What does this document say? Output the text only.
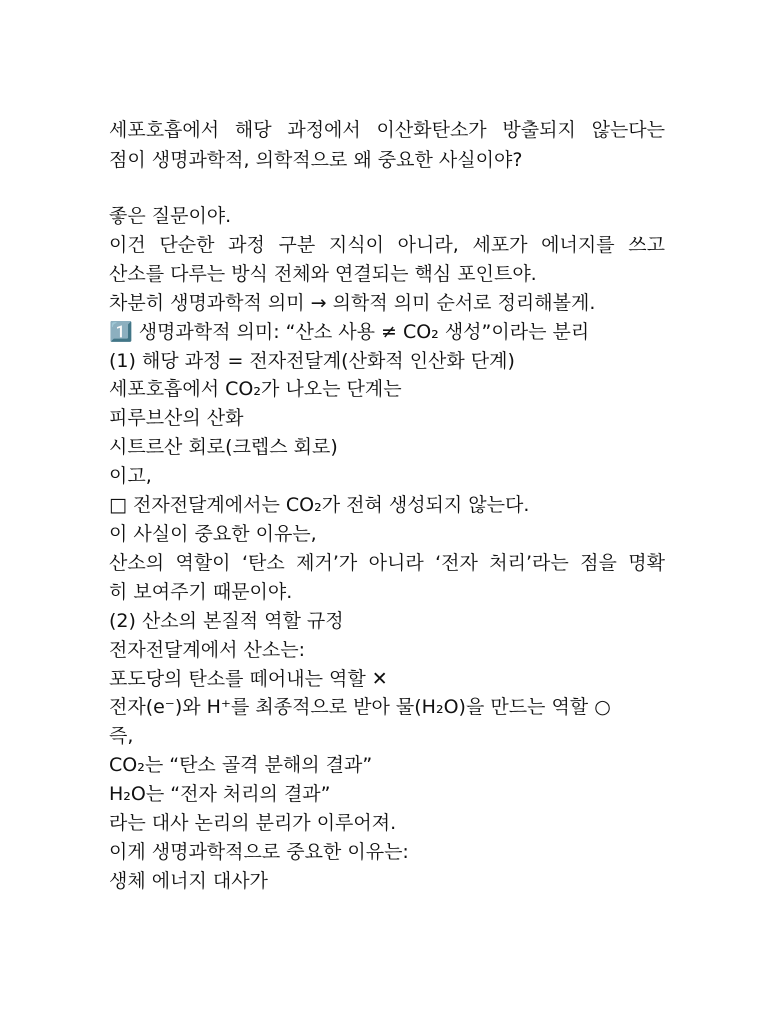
세포호흡에서 해당 과정에서 이산화탄소가 방출되지 않는다는
점이 생명과학적, 의학적으로 왜 중요한 사실이야?
좋은 질문이야.
이건 단순한 과정 구분 지식이 아니라, 세포가 에너지를 쓰고
산소를 다루는 방식 전체와 연결되는 핵심 포인트야.
차분히 생명과학적 의미 → 의학적 의미 순서로 정리해볼게.
1️⃣ 생명과학적 의미: “산소 사용 ≠ CO₂ 생성”이라는 분리
(1) 해당 과정 = 전자전달계(산화적 인산화 단계)
세포호흡에서 CO₂가 나오는 단계는
피루브산의 산화
시트르산 회로(크렙스 회로)
이고,
□ 전자전달계에서는 CO₂가 전혀 생성되지 않는다.
이 사실이 중요한 이유는,
산소의 역할이 ‘탄소 제거’가 아니라 ‘전자 처리’라는 점을 명확
히 보여주기 때문이야.
(2) 산소의 본질적 역할 규정
전자전달계에서 산소는:
포도당의 탄소를 떼어내는 역할 ✕
전자(e⁻)와 H⁺를 최종적으로 받아 물(H₂O)을 만드는 역할 ○
즉,
CO₂는 “탄소 골격 분해의 결과”
H₂O는 “전자 처리의 결과”
라는 대사 논리의 분리가 이루어져.
이게 생명과학적으로 중요한 이유는:
생체 에너지 대사가
